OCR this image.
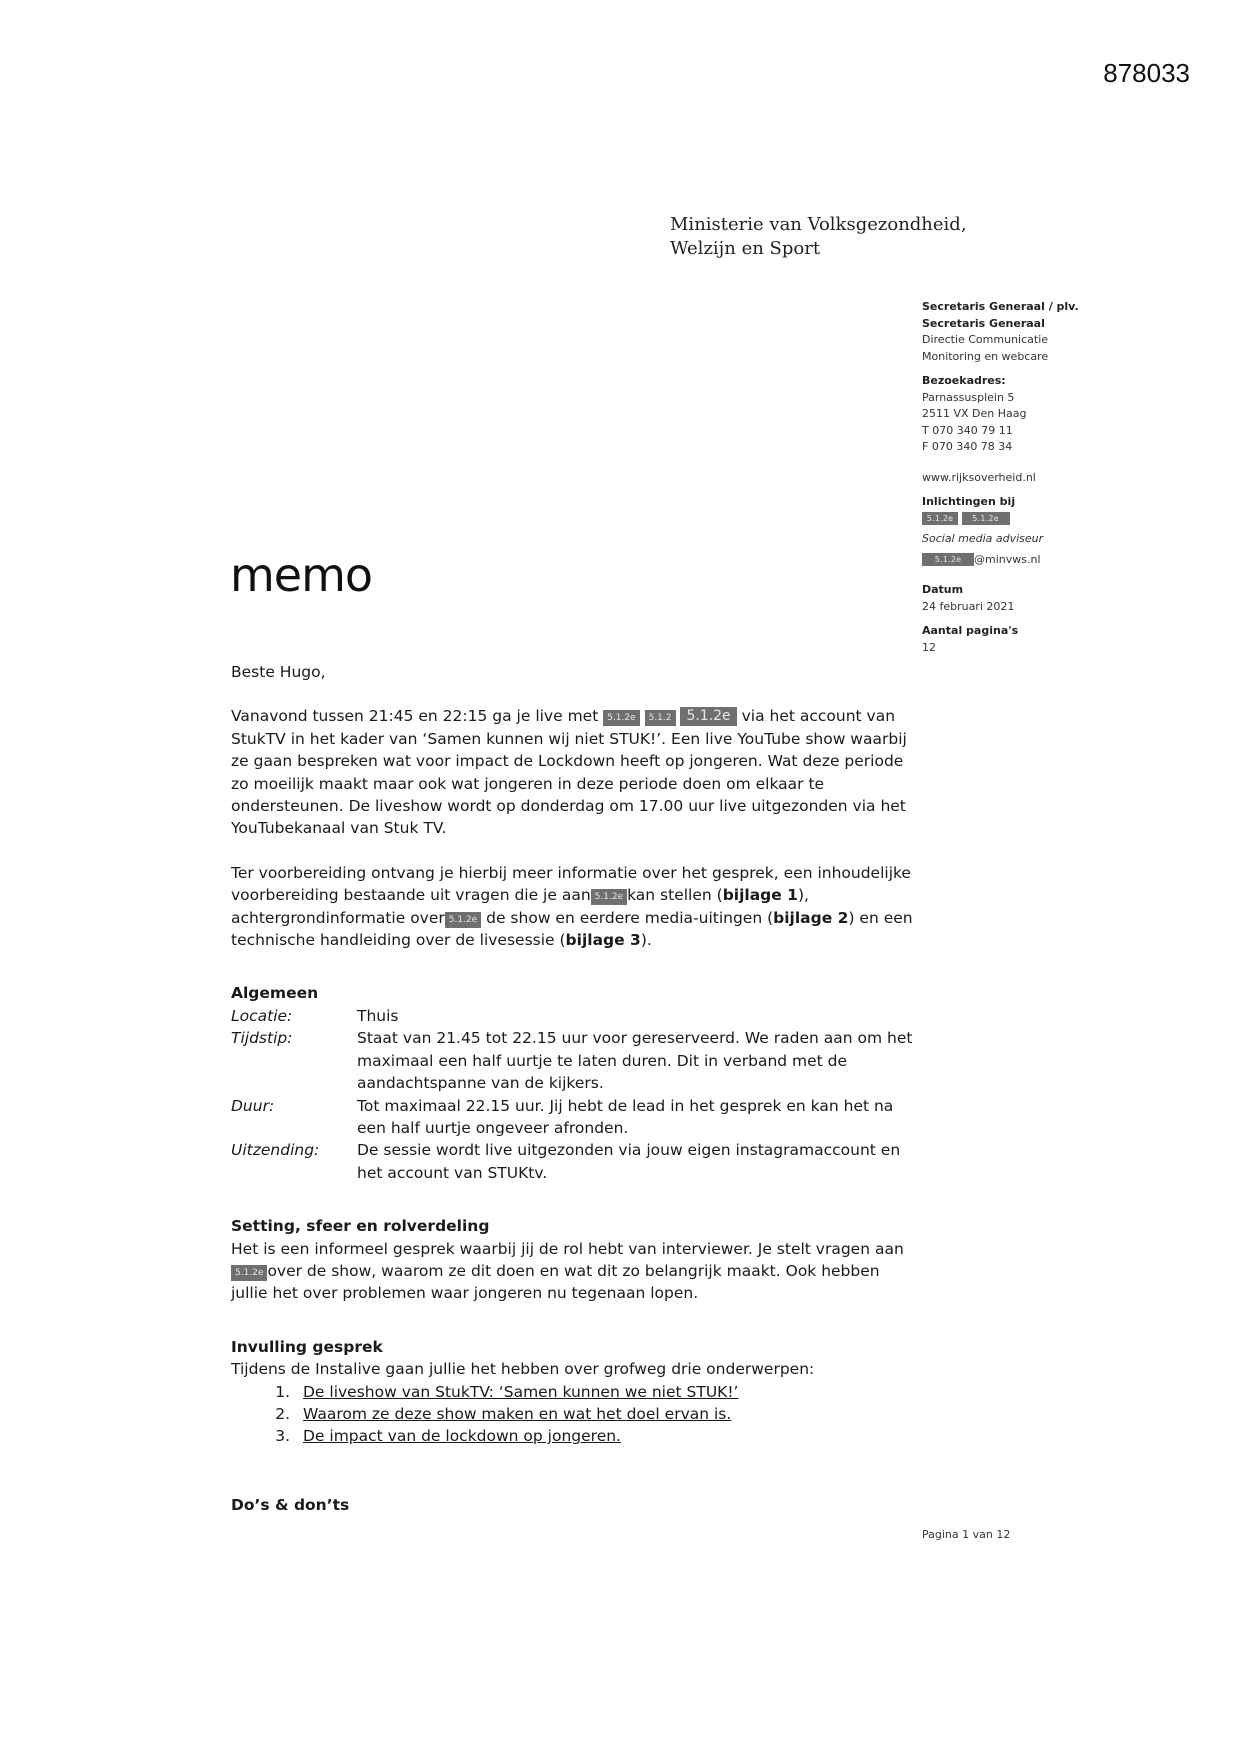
878033
Ministerie van Volksgezondheid,
Welzijn en Sport
Secretaris Generaal / plv.
Secretaris Generaal
Directie Communicatie
Monitoring en webcare
Bezoekadres:
Parnassusplein 5
2511 VX Den Haag
T 070 340 79 11
F 070 340 78 34
www.rijksoverheid.nl
Inlichtingen bij
5.1.2e 5.1.2e
Social media adviseur
5.1.2e @minvws.nl
Datum
24 februari 2021
Aantal pagina's
12
memo

Beste Hugo,

Vanavond tussen 21:45 en 22:15 ga je live met 5.1.2e 5.1.2 5.1.2e via het account van StukTV in het kader van ‘Samen kunnen wij niet STUK!’. Een live YouTube show waarbij ze gaan bespreken wat voor impact de Lockdown heeft op jongeren. Wat deze periode zo moeilijk maakt maar ook wat jongeren in deze periode doen om elkaar te ondersteunen. De liveshow wordt op donderdag om 17.00 uur live uitgezonden via het YouTubekanaal van Stuk TV.

Ter voorbereiding ontvang je hierbij meer informatie over het gesprek, een inhoudelijke voorbereiding bestaande uit vragen die je aan 5.1.2e kan stellen (bijlage 1), achtergrondinformatie over 5.1.2e de show en eerdere media-uitingen (bijlage 2) en een technische handleiding over de livesessie (bijlage 3).

Algemeen

Locatie:	Thuis
Tijdstip:	Staat van 21.45 tot 22.15 uur voor gereserveerd. We raden aan om het maximaal een half uurtje te laten duren. Dit in verband met de aandachtspanne van de kijkers.
Duur:	Tot maximaal 22.15 uur. Jij hebt de lead in het gesprek en kan het na een half uurtje ongeveer afronden.
Uitzending:	De sessie wordt live uitgezonden via jouw eigen instagramaccount en het account van STUKtv.

Setting, sfeer en rolverdeling

Het is een informeel gesprek waarbij jij de rol hebt van interviewer. Je stelt vragen aan 5.1.2e over de show, waarom ze dit doen en wat dit zo belangrijk maakt. Ook hebben jullie het over problemen waar jongeren nu tegenaan lopen.

Invulling gesprek

Tijdens de Instalive gaan jullie het hebben over grofweg drie onderwerpen:

1. De liveshow van StukTV: ‘Samen kunnen we niet STUK!’
2. Waarom ze deze show maken en wat het doel ervan is.
3. De impact van de lockdown op jongeren.

Do’s & don’ts

Pagina 1 van 12
